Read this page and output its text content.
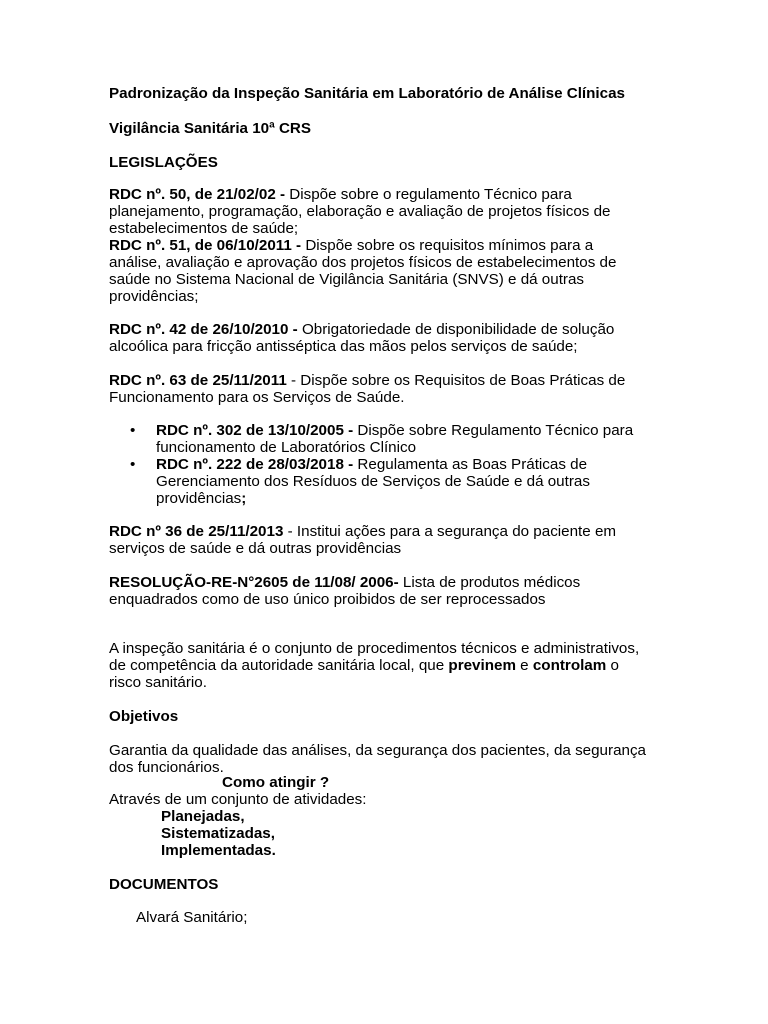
Padronização da Inspeção Sanitária em Laboratório de Análise Clínicas
Vigilância Sanitária 10ª CRS
LEGISLAÇÕES
RDC nº. 50, de 21/02/02 - Dispõe sobre o regulamento Técnico para
planejamento, programação, elaboração e avaliação de projetos físicos de
estabelecimentos de saúde;
RDC nº. 51, de 06/10/2011 - Dispõe sobre os requisitos mínimos para a
análise, avaliação e aprovação dos projetos físicos de estabelecimentos de
saúde no Sistema Nacional de Vigilância Sanitária (SNVS) e dá outras
providências;
RDC nº. 42 de 26/10/2010 - Obrigatoriedade de disponibilidade de solução
alcoólica para fricção antisséptica das mãos pelos serviços de saúde;
RDC nº. 63 de 25/11/2011 - Dispõe sobre os Requisitos de Boas Práticas de
Funcionamento para os Serviços de Saúde.
• RDC nº. 302 de 13/10/2005 - Dispõe sobre Regulamento Técnico para
funcionamento de Laboratórios Clínico
• RDC nº. 222 de 28/03/2018 - Regulamenta as Boas Práticas de
Gerenciamento dos Resíduos de Serviços de Saúde e dá outras
providências;
RDC nº 36 de 25/11/2013 - Institui ações para a segurança do paciente em
serviços de saúde e dá outras providências
RESOLUÇÃO-RE-N°2605 de 11/08/ 2006- Lista de produtos médicos
enquadrados como de uso único proibidos de ser reprocessados
A inspeção sanitária é o conjunto de procedimentos técnicos e administrativos,
de competência da autoridade sanitária local, que previnem e controlam o
risco sanitário.
Objetivos
Garantia da qualidade das análises, da segurança dos pacientes, da segurança
dos funcionários.
Como atingir ?
Através de um conjunto de atividades:
Planejadas,
Sistematizadas,
Implementadas.
DOCUMENTOS
Alvará Sanitário;
